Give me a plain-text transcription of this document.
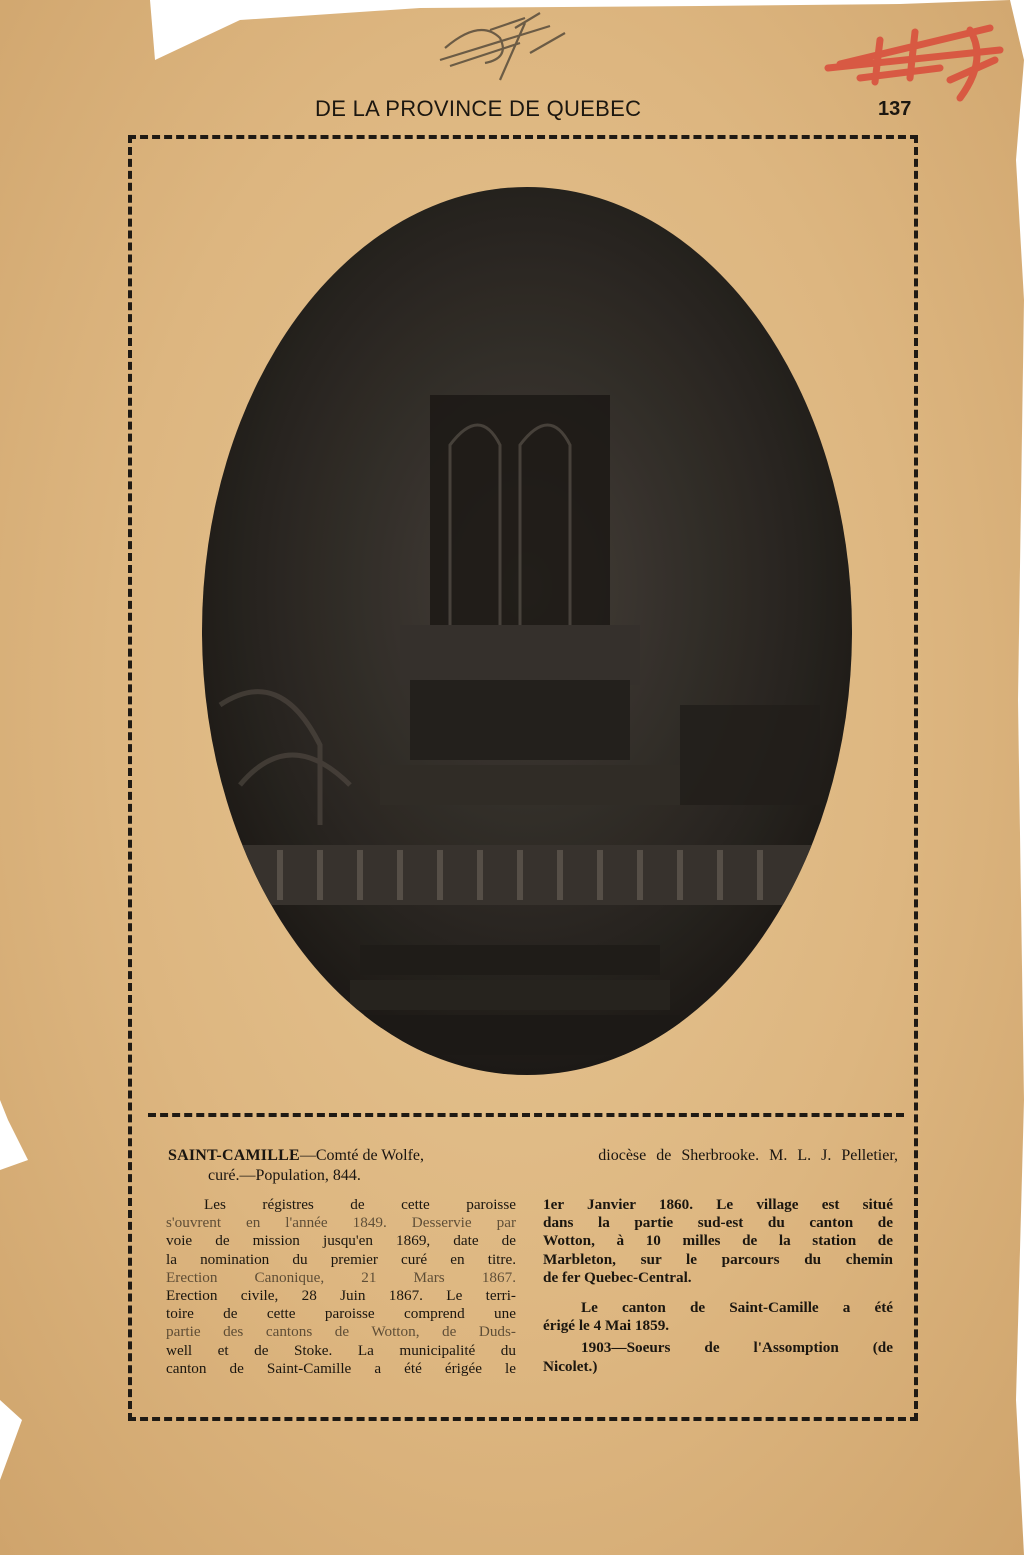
DE LA PROVINCE DE QUEBEC	137
SAINT-CAMILLE—Comté de Wolfe,	diocèse de Sherbrooke. M. L. J. Pelletier,
curé.—Population, 844.
Les régistres de cette paroisse
s'ouvrent en l'année 1849. Desservie par
voie de mission jusqu'en 1869, date de
la nomination du premier curé en titre.
Erection Canonique, 21 Mars 1867.
Erection civile, 28 Juin 1867. Le terri-
toire de cette paroisse comprend une
partie des cantons de Wotton, de Duds-
well et de Stoke. La municipalité du
canton de Saint-Camille a été érigée le
1er Janvier 1860. Le village est situé
dans la partie sud-est du canton de
Wotton, à 10 milles de la station de
Marbleton, sur le parcours du chemin
de fer Quebec-Central.
Le canton de Saint-Camille a été
érigé le 4 Mai 1859.
1903—Soeurs de l'Assomption (de
Nicolet.)
